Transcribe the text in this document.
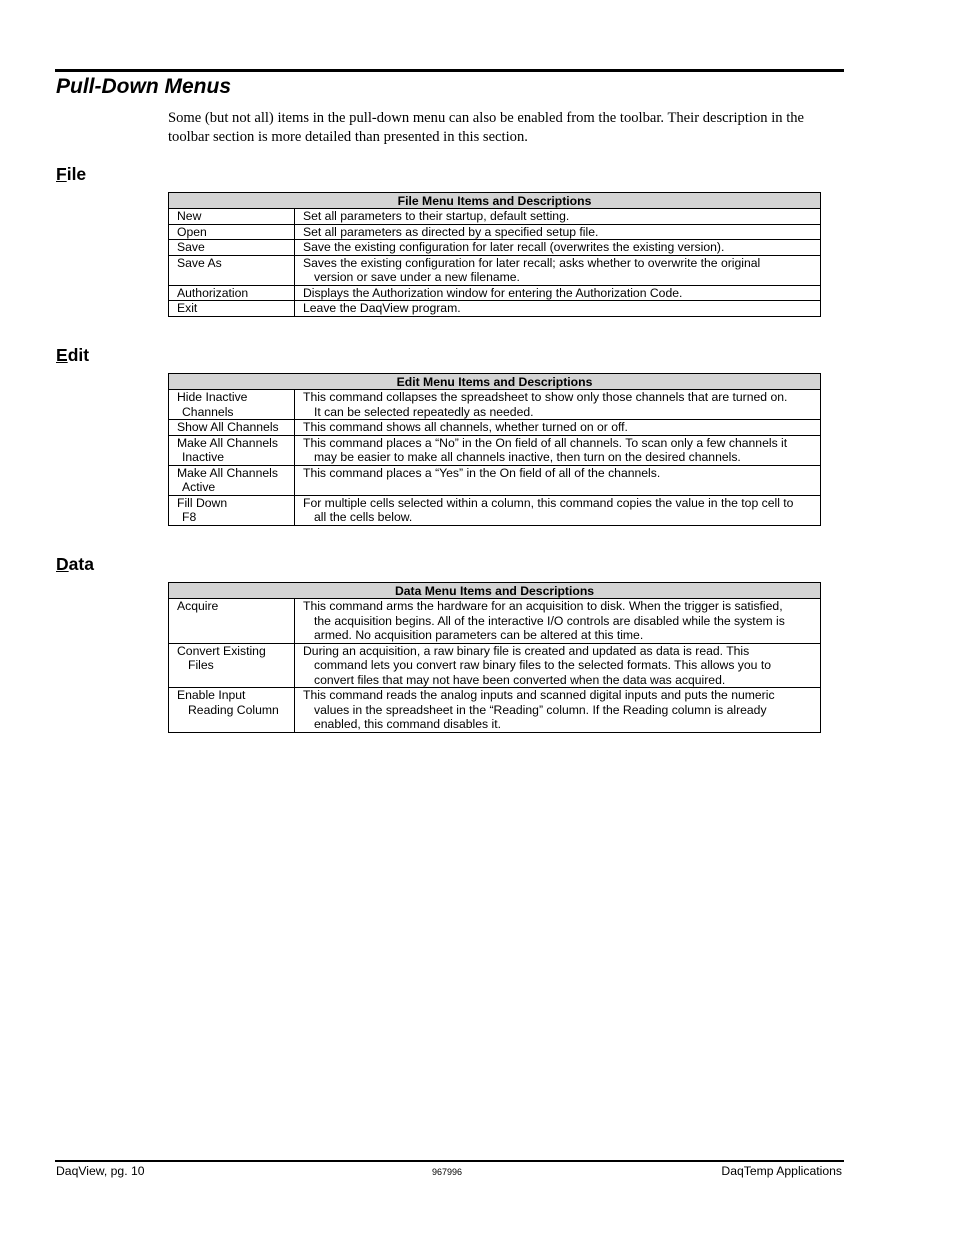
Pull-Down Menus

Some (but not all) items in the pull-down menu can also be enabled from the toolbar. Their description in the toolbar section is more detailed than presented in this section.

File
File Menu Items and Descriptions	

New	Set all parameters to their startup, default setting.

Open	Set all parameters as directed by a specified setup file.

Save	Save the existing configuration for later recall (overwrites the existing version).

Save As	Saves the existing configuration for later recall; asks whether to overwrite the original
version or save under a new filename.

Authorization	Displays the Authorization window for entering the Authorization Code.

Exit	Leave the DaqView program.
Edit
Edit Menu Items and Descriptions	

Hide Inactive
Channels	This command collapses the spreadsheet to show only those channels that are turned on.
It can be selected repeatedly as needed.

Show All Channels	This command shows all channels, whether turned on or off.

Make All Channels
Inactive	This command places a “No” in the On field of all channels. To scan only a few channels it
may be easier to make all channels inactive, then turn on the desired channels.

Make All Channels
Active	This command places a “Yes” in the On field of all of the channels.

Fill Down
F8	For multiple cells selected within a column, this command copies the value in the top cell to
all the cells below.
Data
Data Menu Items and Descriptions	

Acquire	This command arms the hardware for an acquisition to disk. When the trigger is satisfied,
the acquisition begins. All of the interactive I/O controls are disabled while the system is
armed. No acquisition parameters can be altered at this time.

Convert Existing
Files	During an acquisition, a raw binary file is created and updated as data is read. This
command lets you convert raw binary files to the selected formats. This allows you to
convert files that may not have been converted when the data was acquired.

Enable Input
Reading Column	This command reads the analog inputs and scanned digital inputs and puts the numeric
values in the spreadsheet in the “Reading” column. If the Reading column is already
enabled, this command disables it.
DaqView, pg. 10	967996	DaqTemp Applications
